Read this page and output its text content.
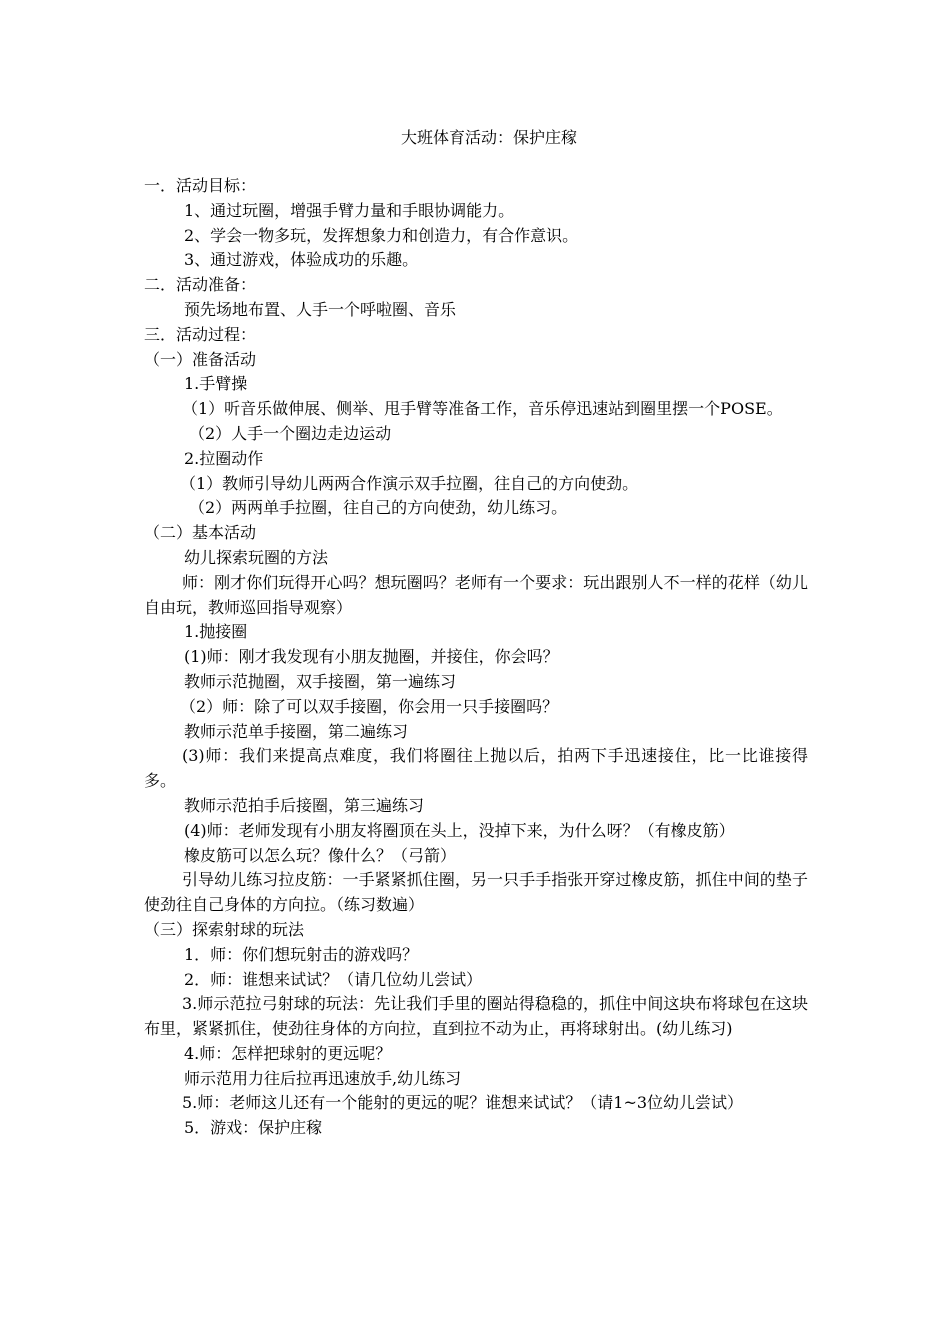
大班体育活动：保护庄稼

一．活动目标：

1、通过玩圈，增强手臂力量和手眼协调能力。

2、学会一物多玩，发挥想象力和创造力，有合作意识。

3、通过游戏，体验成功的乐趣。

二．活动准备：

预先场地布置、人手一个呼啦圈、音乐

三．活动过程：

（一）准备活动

1.手臂操

（1）听音乐做伸展、侧举、甩手臂等准备工作，音乐停迅速站到圈里摆一个POSE。

（2）人手一个圈边走边运动

2.拉圈动作

（1）教师引导幼儿两两合作演示双手拉圈，往自己的方向使劲。

（2）两两单手拉圈，往自己的方向使劲，幼儿练习。

（二）基本活动

幼儿探索玩圈的方法

师：刚才你们玩得开心吗？想玩圈吗？老师有一个要求：玩出跟别人不一样的花样（幼儿自由玩，教师巡回指导观察）

1.抛接圈

(1)师：刚才我发现有小朋友抛圈，并接住，你会吗？

教师示范抛圈，双手接圈，第一遍练习

（2）师：除了可以双手接圈，你会用一只手接圈吗？

教师示范单手接圈，第二遍练习

(3)师：我们来提高点难度，我们将圈往上抛以后，拍两下手迅速接住，比一比谁接得多。

教师示范拍手后接圈，第三遍练习

(4)师：老师发现有小朋友将圈顶在头上，没掉下来，为什么呀？（有橡皮筋）

橡皮筋可以怎么玩？像什么？（弓箭）

引导幼儿练习拉皮筋：一手紧紧抓住圈，另一只手手指张开穿过橡皮筋，抓住中间的垫子使劲往自己身体的方向拉。（练习数遍）

（三）探索射球的玩法

1．师：你们想玩射击的游戏吗？

2．师：谁想来试试？（请几位幼儿尝试）

3.师示范拉弓射球的玩法：先让我们手里的圈站得稳稳的，抓住中间这块布将球包在这块布里，紧紧抓住，使劲往身体的方向拉，直到拉不动为止，再将球射出。(幼儿练习)

4.师：怎样把球射的更远呢？

师示范用力往后拉再迅速放手,幼儿练习

5.师：老师这儿还有一个能射的更远的呢？谁想来试试？（请1~3位幼儿尝试）

5．游戏：保护庄稼
